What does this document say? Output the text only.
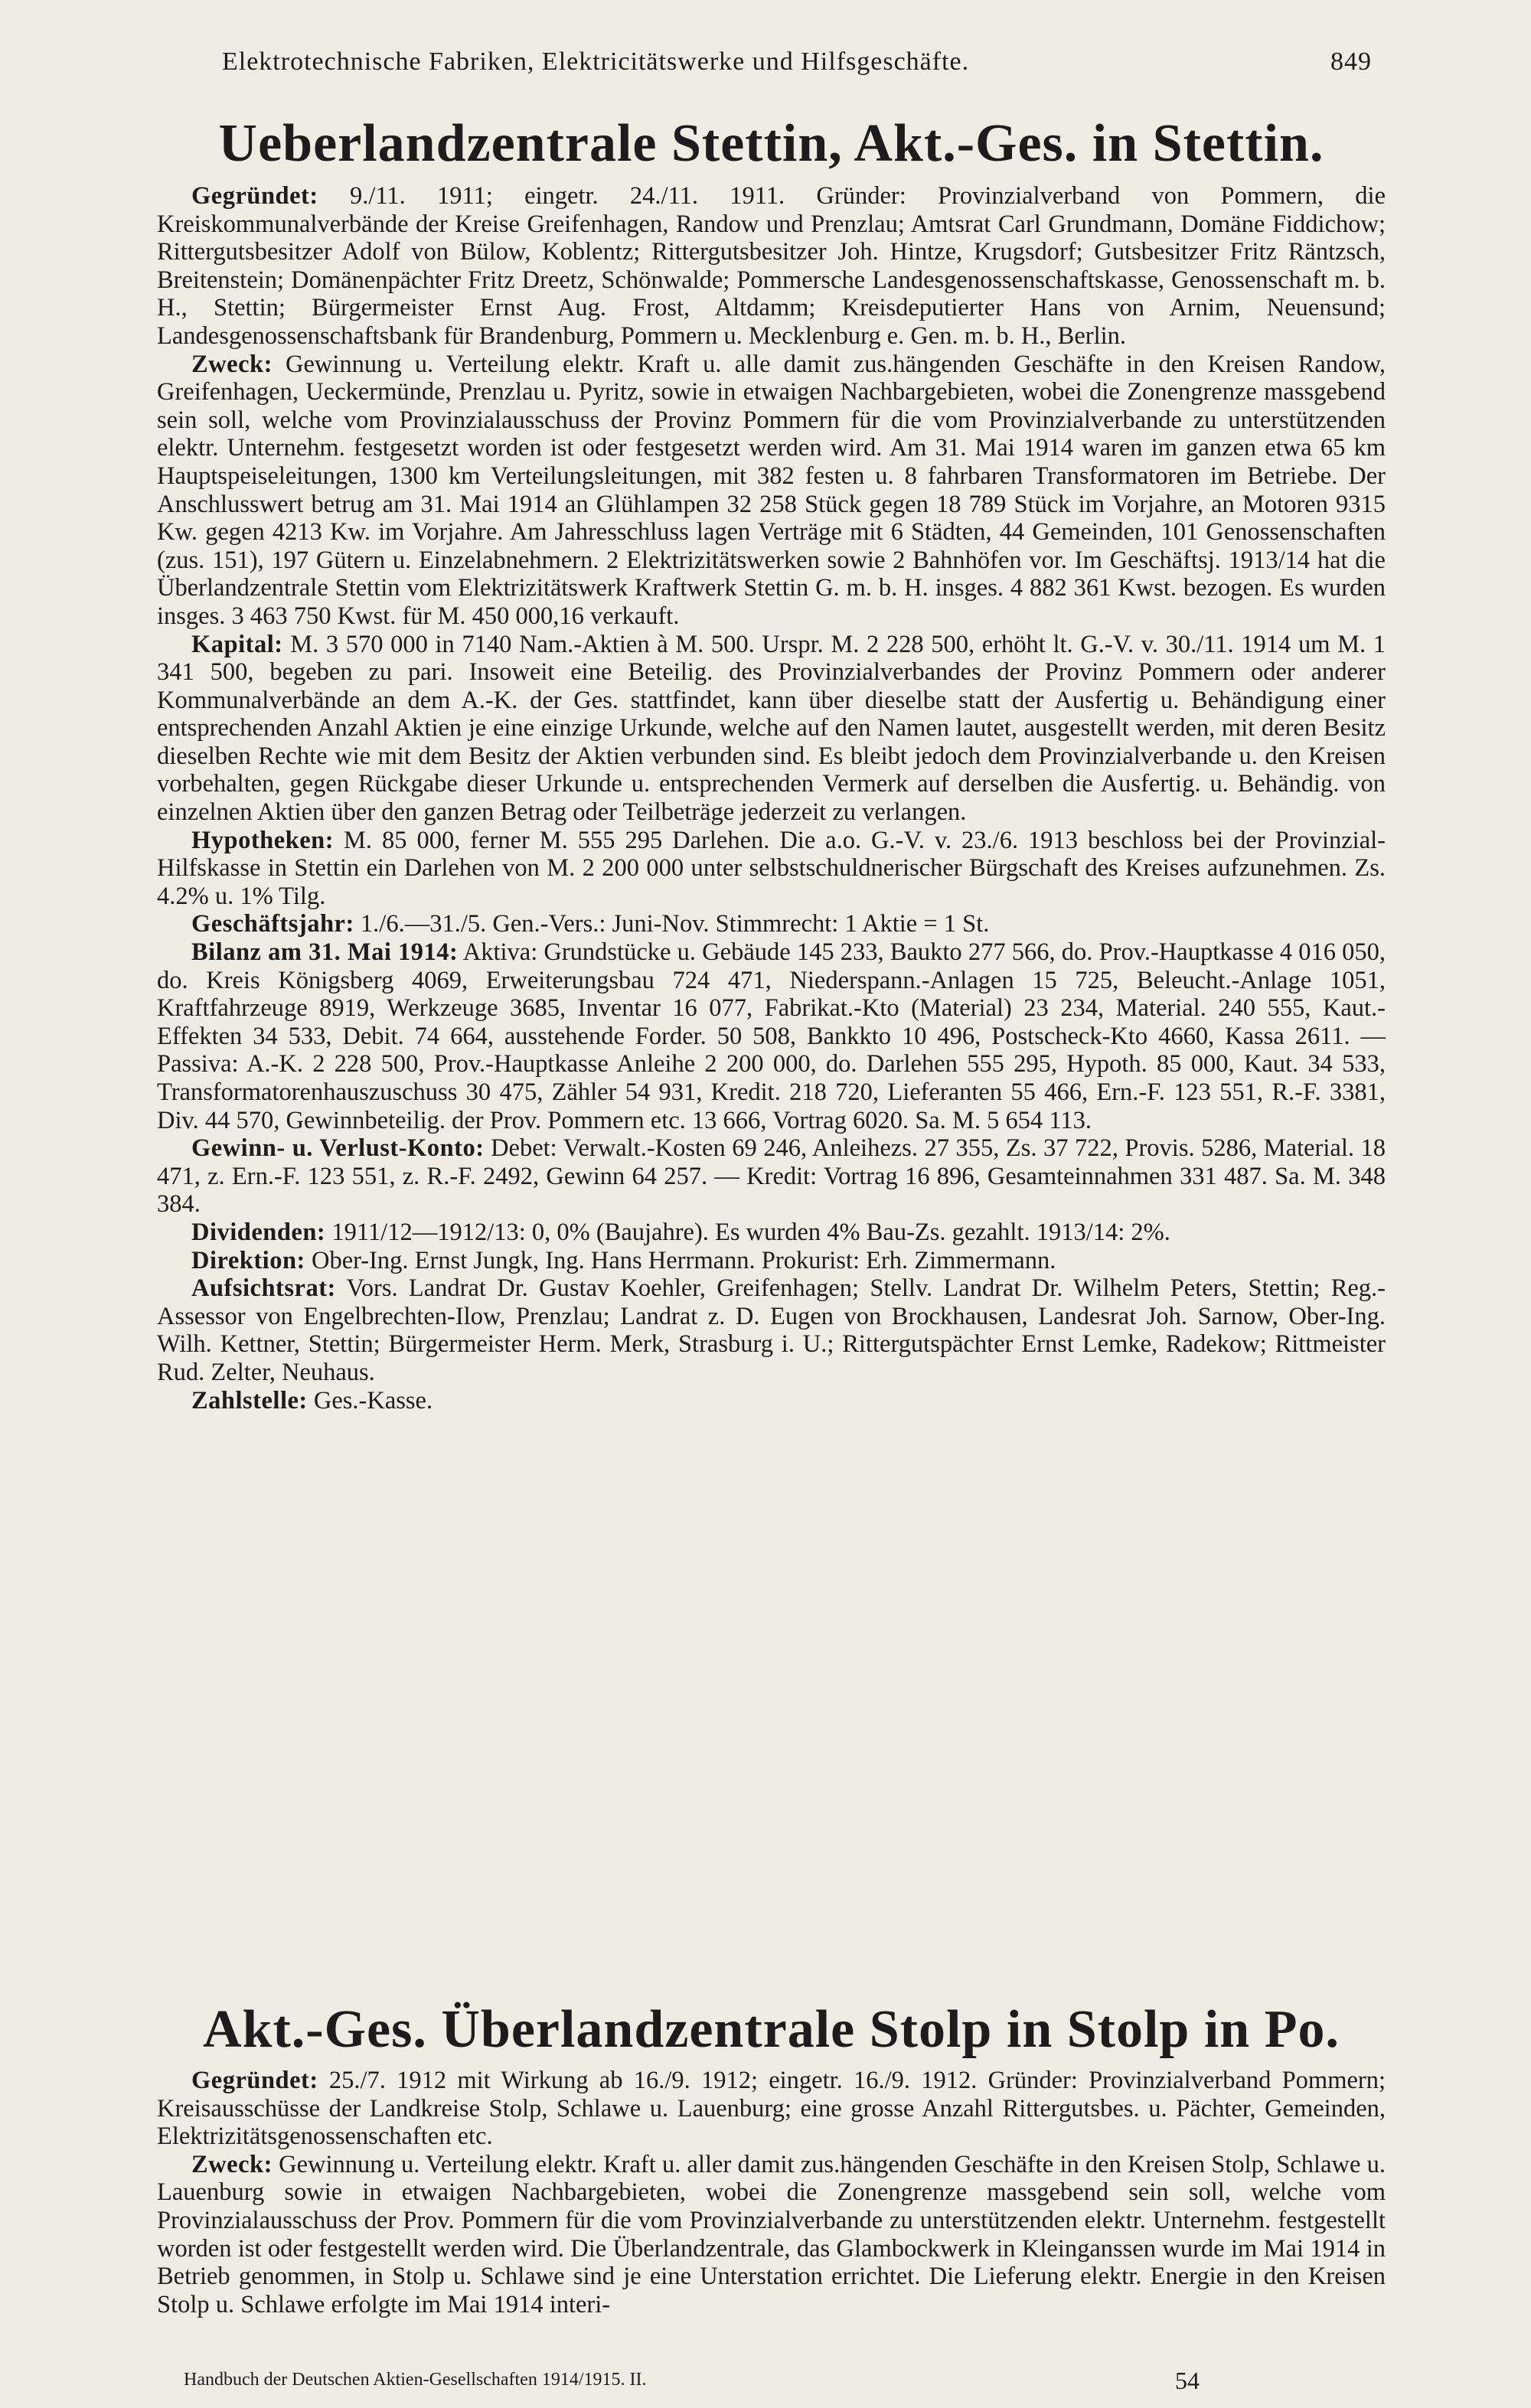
Elektrotechnische Fabriken, Elektricitätswerke und Hilfsgeschäfte.	849
Ueberlandzentrale Stettin, Akt.-Ges. in Stettin.

Gegründet: 9./11. 1911; eingetr. 24./11. 1911. Gründer: Provinzialverband von Pommern, die Kreiskommunalverbände der Kreise Greifenhagen, Randow und Prenzlau; Amtsrat Carl Grundmann, Domäne Fiddichow; Rittergutsbesitzer Adolf von Bülow, Koblentz; Rittergutsbesitzer Joh. Hintze, Krugsdorf; Gutsbesitzer Fritz Räntzsch, Breitenstein; Domänenpächter Fritz Dreetz, Schönwalde; Pommersche Landesgenossenschaftskasse, Genossenschaft m. b. H., Stettin; Bürgermeister Ernst Aug. Frost, Altdamm; Kreisdeputierter Hans von Arnim, Neuensund; Landesgenossenschaftsbank für Brandenburg, Pommern u. Mecklenburg e. Gen. m. b. H., Berlin.

Zweck: Gewinnung u. Verteilung elektr. Kraft u. alle damit zus.hängenden Geschäfte in den Kreisen Randow, Greifenhagen, Ueckermünde, Prenzlau u. Pyritz, sowie in etwaigen Nachbargebieten, wobei die Zonengrenze massgebend sein soll, welche vom Provinzialausschuss der Provinz Pommern für die vom Provinzialverbande zu unterstützenden elektr. Unternehm. festgesetzt worden ist oder festgesetzt werden wird. Am 31. Mai 1914 waren im ganzen etwa 65 km Hauptspeiseleitungen, 1300 km Verteilungsleitungen, mit 382 festen u. 8 fahrbaren Transformatoren im Betriebe. Der Anschlusswert betrug am 31. Mai 1914 an Glühlampen 32 258 Stück gegen 18 789 Stück im Vorjahre, an Motoren 9315 Kw. gegen 4213 Kw. im Vorjahre. Am Jahresschluss lagen Verträge mit 6 Städten, 44 Gemeinden, 101 Genossenschaften (zus. 151), 197 Gütern u. Einzelabnehmern. 2 Elektrizitätswerken sowie 2 Bahnhöfen vor. Im Geschäftsj. 1913/14 hat die Überlandzentrale Stettin vom Elektrizitätswerk Kraftwerk Stettin G. m. b. H. insges. 4 882 361 Kwst. bezogen. Es wurden insges. 3 463 750 Kwst. für M. 450 000,16 verkauft.

Kapital: M. 3 570 000 in 7140 Nam.-Aktien à M. 500. Urspr. M. 2 228 500, erhöht lt. G.-V. v. 30./11. 1914 um M. 1 341 500, begeben zu pari. Insoweit eine Beteilig. des Provinzialverbandes der Provinz Pommern oder anderer Kommunalverbände an dem A.-K. der Ges. stattfindet, kann über dieselbe statt der Ausfertig u. Behändigung einer entsprechenden Anzahl Aktien je eine einzige Urkunde, welche auf den Namen lautet, ausgestellt werden, mit deren Besitz dieselben Rechte wie mit dem Besitz der Aktien verbunden sind. Es bleibt jedoch dem Provinzialverbande u. den Kreisen vorbehalten, gegen Rückgabe dieser Urkunde u. entsprechenden Vermerk auf derselben die Ausfertig. u. Behändig. von einzelnen Aktien über den ganzen Betrag oder Teilbeträge jederzeit zu verlangen.

Hypotheken: M. 85 000, ferner M. 555 295 Darlehen. Die a.o. G.-V. v. 23./6. 1913 beschloss bei der Provinzial-Hilfskasse in Stettin ein Darlehen von M. 2 200 000 unter selbstschuldnerischer Bürgschaft des Kreises aufzunehmen. Zs. 4.2% u. 1% Tilg.

Geschäftsjahr: 1./6.—31./5. Gen.-Vers.: Juni-Nov. Stimmrecht: 1 Aktie = 1 St.

Bilanz am 31. Mai 1914: Aktiva: Grundstücke u. Gebäude 145 233, Baukto 277 566, do. Prov.-Hauptkasse 4 016 050, do. Kreis Königsberg 4069, Erweiterungsbau 724 471, Niederspann.-Anlagen 15 725, Beleucht.-Anlage 1051, Kraftfahrzeuge 8919, Werkzeuge 3685, Inventar 16 077, Fabrikat.-Kto (Material) 23 234, Material. 240 555, Kaut.-Effekten 34 533, Debit. 74 664, ausstehende Forder. 50 508, Bankkto 10 496, Postscheck-Kto 4660, Kassa 2611. — Passiva: A.-K. 2 228 500, Prov.-Hauptkasse Anleihe 2 200 000, do. Darlehen 555 295, Hypoth. 85 000, Kaut. 34 533, Transformatorenhauszuschuss 30 475, Zähler 54 931, Kredit. 218 720, Lieferanten 55 466, Ern.-F. 123 551, R.-F. 3381, Div. 44 570, Gewinnbeteilig. der Prov. Pommern etc. 13 666, Vortrag 6020. Sa. M. 5 654 113.

Gewinn- u. Verlust-Konto: Debet: Verwalt.-Kosten 69 246, Anleihezs. 27 355, Zs. 37 722, Provis. 5286, Material. 18 471, z. Ern.-F. 123 551, z. R.-F. 2492, Gewinn 64 257. — Kredit: Vortrag 16 896, Gesamteinnahmen 331 487. Sa. M. 348 384.

Dividenden: 1911/12—1912/13: 0, 0% (Baujahre). Es wurden 4% Bau-Zs. gezahlt. 1913/14: 2%.

Direktion: Ober-Ing. Ernst Jungk, Ing. Hans Herrmann. Prokurist: Erh. Zimmermann.

Aufsichtsrat: Vors. Landrat Dr. Gustav Koehler, Greifenhagen; Stellv. Landrat Dr. Wilhelm Peters, Stettin; Reg.-Assessor von Engelbrechten-Ilow, Prenzlau; Landrat z. D. Eugen von Brockhausen, Landesrat Joh. Sarnow, Ober-Ing. Wilh. Kettner, Stettin; Bürgermeister Herm. Merk, Strasburg i. U.; Rittergutspächter Ernst Lemke, Radekow; Rittmeister Rud. Zelter, Neuhaus.

Zahlstelle: Ges.-Kasse.

Akt.-Ges. Überlandzentrale Stolp in Stolp in Po.

Gegründet: 25./7. 1912 mit Wirkung ab 16./9. 1912; eingetr. 16./9. 1912. Gründer: Provinzialverband Pommern; Kreisausschüsse der Landkreise Stolp, Schlawe u. Lauenburg; eine grosse Anzahl Rittergutsbes. u. Pächter, Gemeinden, Elektrizitätsgenossenschaften etc.

Zweck: Gewinnung u. Verteilung elektr. Kraft u. aller damit zus.hängenden Geschäfte in den Kreisen Stolp, Schlawe u. Lauenburg sowie in etwaigen Nachbargebieten, wobei die Zonengrenze massgebend sein soll, welche vom Provinzialausschuss der Prov. Pommern für die vom Provinzialverbande zu unterstützenden elektr. Unternehm. festgestellt worden ist oder festgestellt werden wird. Die Überlandzentrale, das Glambockwerk in Kleinganssen wurde im Mai 1914 in Betrieb genommen, in Stolp u. Schlawe sind je eine Unterstation errichtet. Die Lieferung elektr. Energie in den Kreisen Stolp u. Schlawe erfolgte im Mai 1914 interi-

Handbuch der Deutschen Aktien-Gesellschaften 1914/1915. II.	54
